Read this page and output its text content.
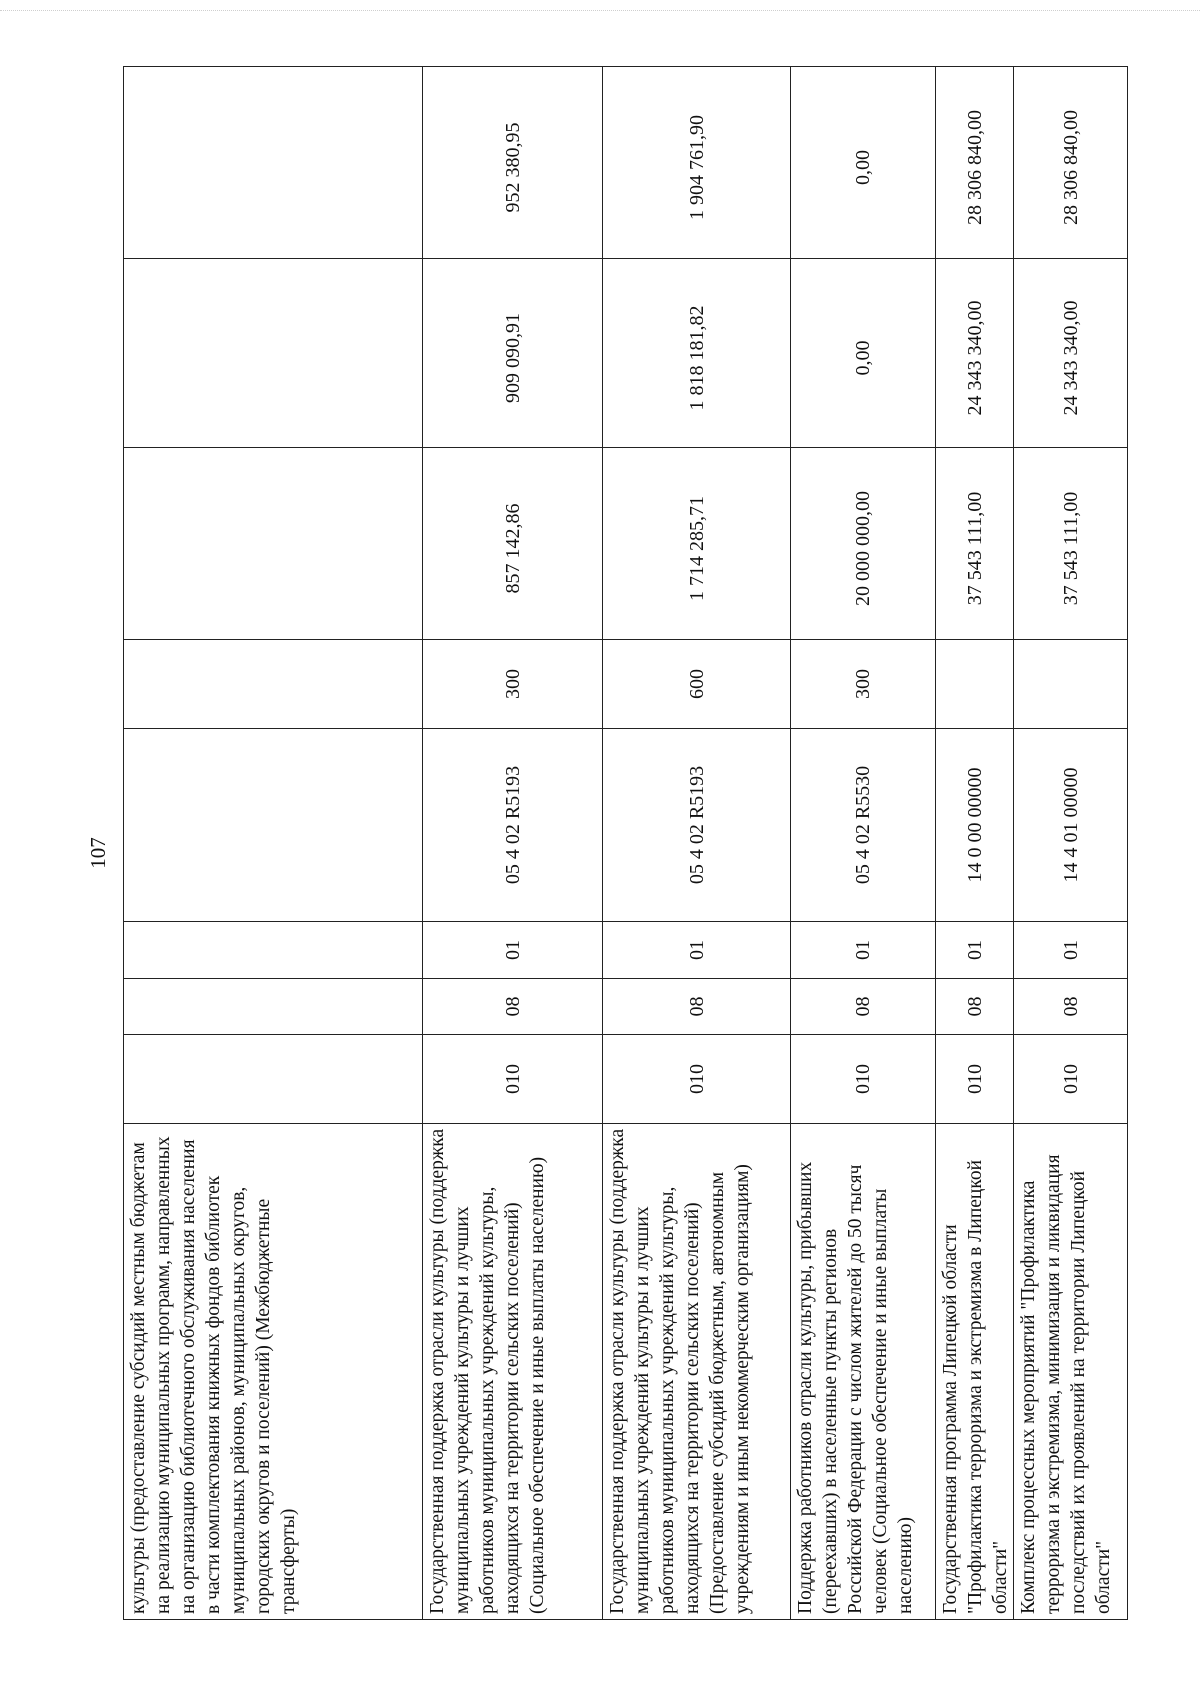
107
культуры (предоставление субсидий местным бюджетам на реализацию муниципальных программ, направленных на организацию библиотечного обслуживания населения в части комплектования книжных фондов библиотек муниципальных районов, муниципальных округов, городских округов и поселений) (Межбюджетные трансферты)								
Государственная поддержка отрасли культуры (поддержка муниципальных учреждений культуры и лучших работников муниципальных учреждений культуры, находящихся на территории сельских поселений) (Социальное обеспечение и иные выплаты населению)	010	08	01	05 4 02 R5193	300	857 142,86	909 090,91	952 380,95
Государственная поддержка отрасли культуры (поддержка муниципальных учреждений культуры и лучших работников муниципальных учреждений культуры, находящихся на территории сельских поселений) (Предоставление субсидий бюджетным, автономным учреждениям и иным некоммерческим организациям)	010	08	01	05 4 02 R5193	600	1 714 285,71	1 818 181,82	1 904 761,90
Поддержка работников отрасли культуры, прибывших (переехавших) в населенные пункты регионов Российской Федерации с числом жителей до 50 тысяч человек (Социальное обеспечение и иные выплаты населению)	010	08	01	05 4 02 R5530	300	20 000 000,00	0,00	0,00
Государственная программа Липецкой области "Профилактика терроризма и экстремизма в Липецкой области"	010	08	01	14 0 00 00000		37 543 111,00	24 343 340,00	28 306 840,00
Комплекс процессных мероприятий "Профилактика терроризма и экстремизма, минимизация и ликвидация последствий их проявлений на территории Липецкой области"	010	08	01	14 4 01 00000		37 543 111,00	24 343 340,00	28 306 840,00
